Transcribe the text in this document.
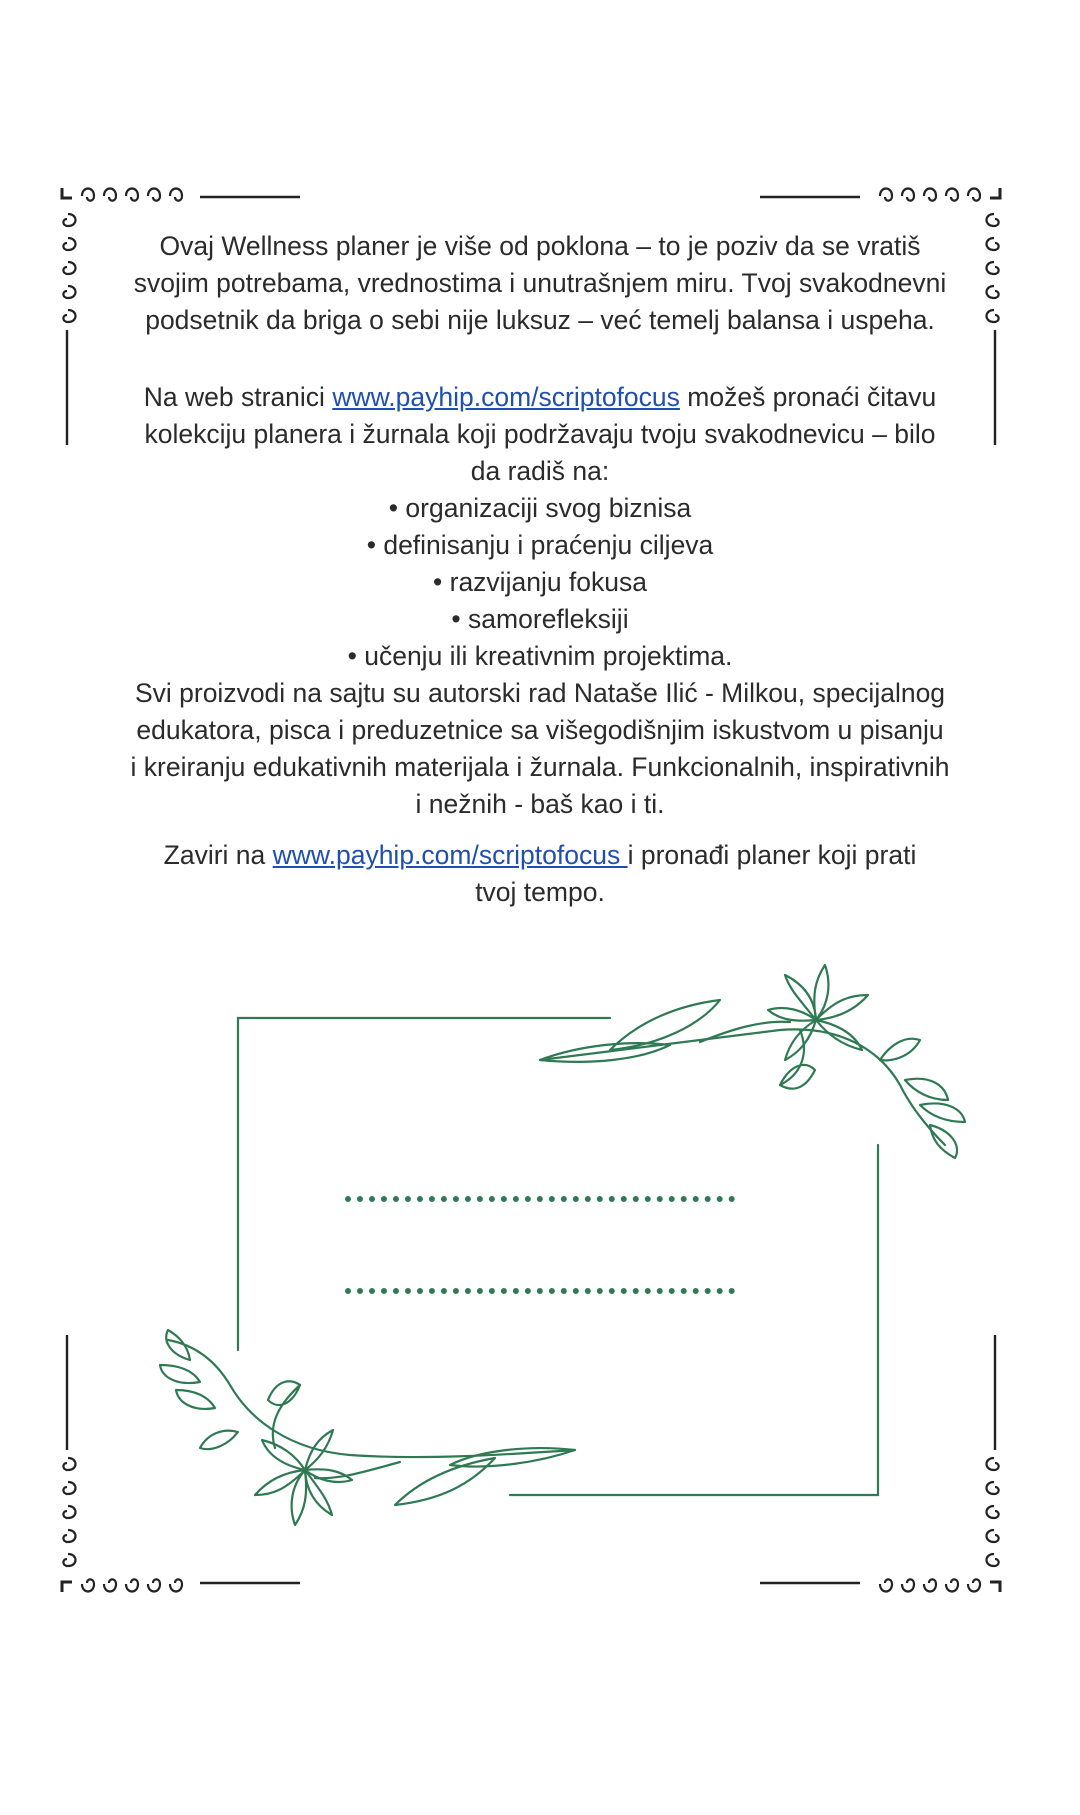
Ovaj Wellness planer je više od poklona – to je poziv da se vratiš

svojim potrebama, vrednostima i unutrašnjem miru. Tvoj svakodnevni

podsetnik da briga o sebi nije luksuz – već temelj balansa i uspeha.

Na web stranici www.payhip.com/scriptofocus možeš pronaći čitavu

kolekciju planera i žurnala koji podržavaju tvoju svakodnevicu – bilo

da radiš na:

• organizaciji svog biznisa

• definisanju i praćenju ciljeva

• razvijanju fokusa

• samorefleksiji

• učenju ili kreativnim projektima.

Svi proizvodi na sajtu su autorski rad Nataše Ilić - Milkou, specijalnog

edukatora, pisca i preduzetnice sa višegodišnjim iskustvom u pisanju

i kreiranju edukativnih materijala i žurnala. Funkcionalnih, inspirativnih

i nežnih - baš kao i ti.

Zaviri na www.payhip.com/scriptofocus i pronađi planer koji prati

tvoj tempo.
